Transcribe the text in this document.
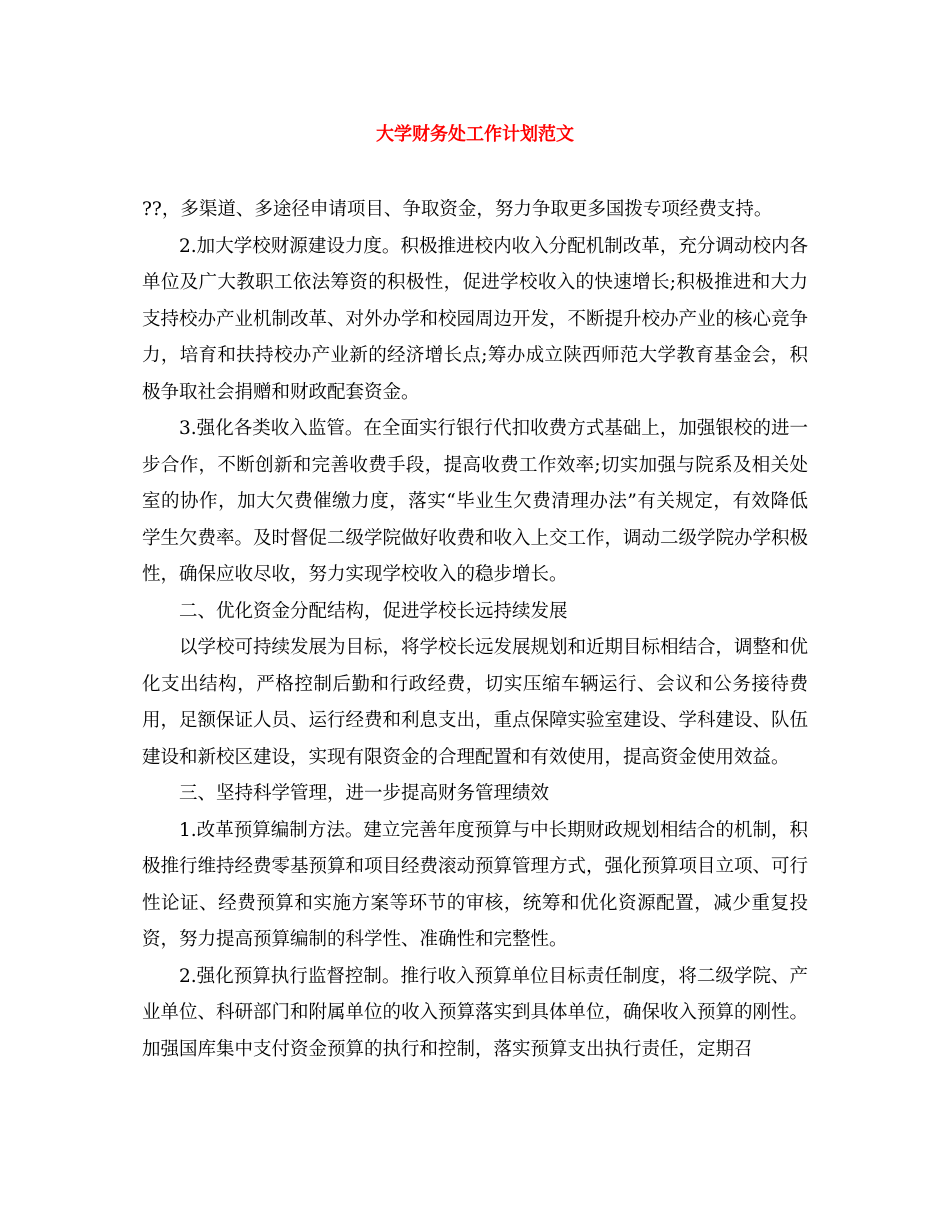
大学财务处工作计划范文

??，多渠道、多途径申请项目、争取资金，努力争取更多国拨专项经费支持。

2.加大学校财源建设力度。积极推进校内收入分配机制改革，充分调动校内各单位及广大教职工依法筹资的积极性，促进学校收入的快速增长;积极推进和大力支持校办产业机制改革、对外办学和校园周边开发，不断提升校办产业的核心竞争力，培育和扶持校办产业新的经济增长点;筹办成立陕西师范大学教育基金会，积极争取社会捐赠和财政配套资金。

3.强化各类收入监管。在全面实行银行代扣收费方式基础上，加强银校的进一步合作，不断创新和完善收费手段，提高收费工作效率;切实加强与院系及相关处室的协作，加大欠费催缴力度，落实“毕业生欠费清理办法”有关规定，有效降低学生欠费率。及时督促二级学院做好收费和收入上交工作，调动二级学院办学积极性，确保应收尽收，努力实现学校收入的稳步增长。

二、优化资金分配结构，促进学校长远持续发展

以学校可持续发展为目标，将学校长远发展规划和近期目标相结合，调整和优化支出结构，严格控制后勤和行政经费，切实压缩车辆运行、会议和公务接待费用，足额保证人员、运行经费和利息支出，重点保障实验室建设、学科建设、队伍建设和新校区建设，实现有限资金的合理配置和有效使用，提高资金使用效益。

三、坚持科学管理，进一步提高财务管理绩效

1.改革预算编制方法。建立完善年度预算与中长期财政规划相结合的机制，积极推行维持经费零基预算和项目经费滚动预算管理方式，强化预算项目立项、可行性论证、经费预算和实施方案等环节的审核，统筹和优化资源配置，减少重复投资，努力提高预算编制的科学性、准确性和完整性。

2.强化预算执行监督控制。推行收入预算单位目标责任制度，将二级学院、产业单位、科研部门和附属单位的收入预算落实到具体单位，确保收入预算的刚性。加强国库集中支付资金预算的执行和控制，落实预算支出执行责任，定期召
